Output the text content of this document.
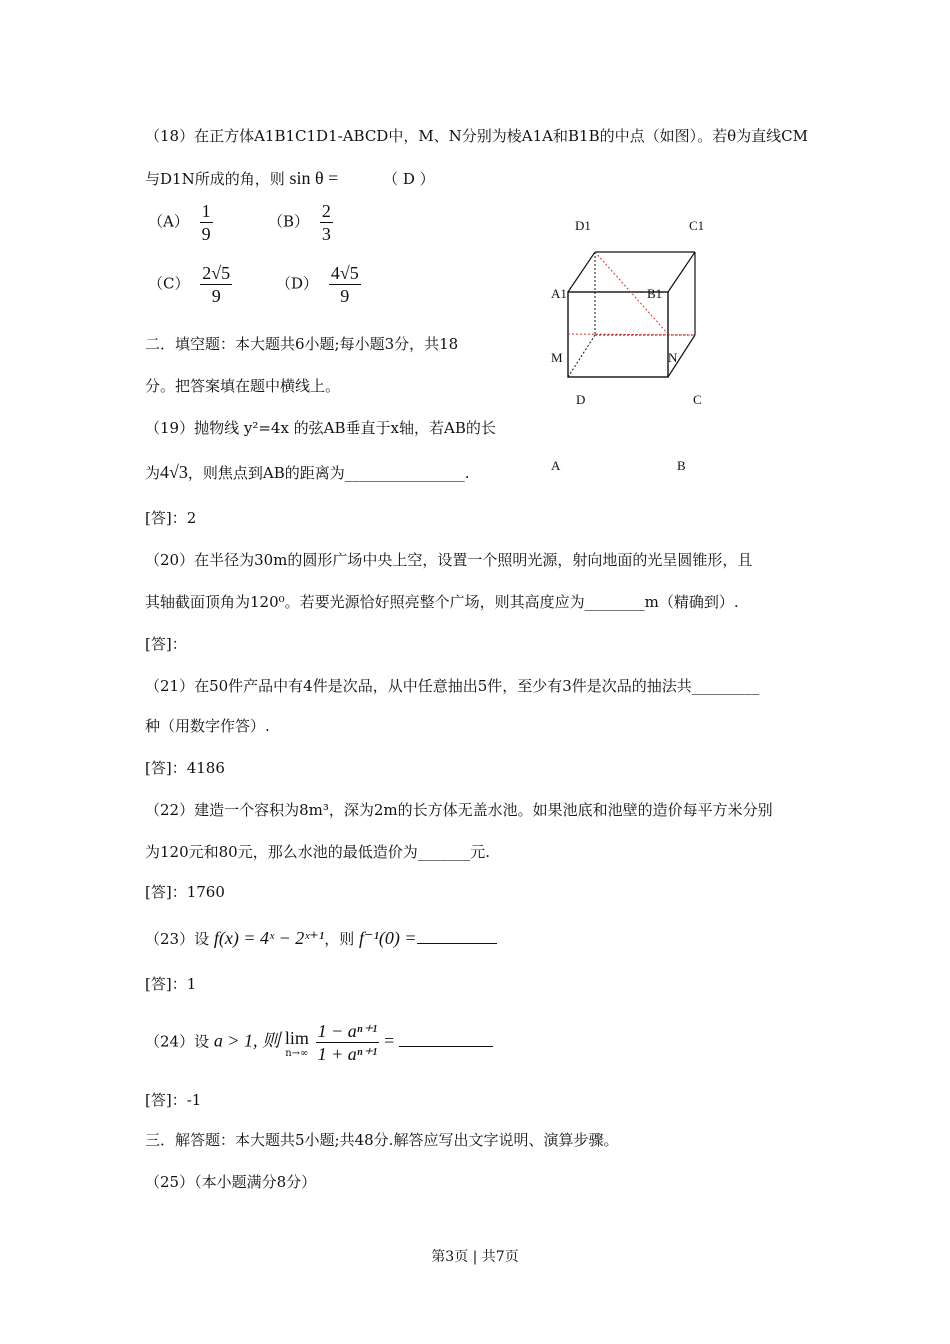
（18）在正方体A1B1C1D1-ABCD中，M、N分别为棱A1A和B1B的中点（如图）。若θ为直线CM
与D1N所成的角，则 sin θ =	（ D ）
$(A) \frac{1}{9}$	$(B) \frac{2}{3}$
$(C) \frac{2√5}{9}$	$(D) \frac{4√5}{9}$
D1	C1
A1	B1
M	N
D	C
A	B
二．填空题：本大题共6小题;每小题3分，共18
分。把答案填在题中横线上。
（19）抛物线 y²=4x 的弦AB垂直于x轴，若AB的长
为4√3，则焦点到AB的距离为________________.
[答]：2
（20）在半径为30m的圆形广场中央上空，设置一个照明光源，射向地面的光呈圆锥形，且
其轴截面顶角为120⁰。若要光源恰好照亮整个广场，则其高度应为________m（精确到）.
[答]：
（21）在50件产品中有4件是次品，从中任意抽出5件，至少有3件是次品的抽法共_________
种（用数字作答）.
[答]：4186
（22）建造一个容积为8m³，深为2m的长方体无盖水池。如果池底和池壁的造价每平方米分别
为120元和80元，那么水池的最低造价为_______元.
[答]：1760
（23）设 f(x) = 4ˣ − 2ˣ⁺¹，则 f⁻¹(0) =
[答]：1
（24）设 a > 1, 则 lim
n→∞
$\frac{\text{1 − aⁿ⁺¹}}{\text{1 + aⁿ⁺¹}}$ =
[答]：-1
三．解答题：本大题共5小题;共48分.解答应写出文字说明、演算步骤。
（25）（本小题满分8分）
第3页 | 共7页
